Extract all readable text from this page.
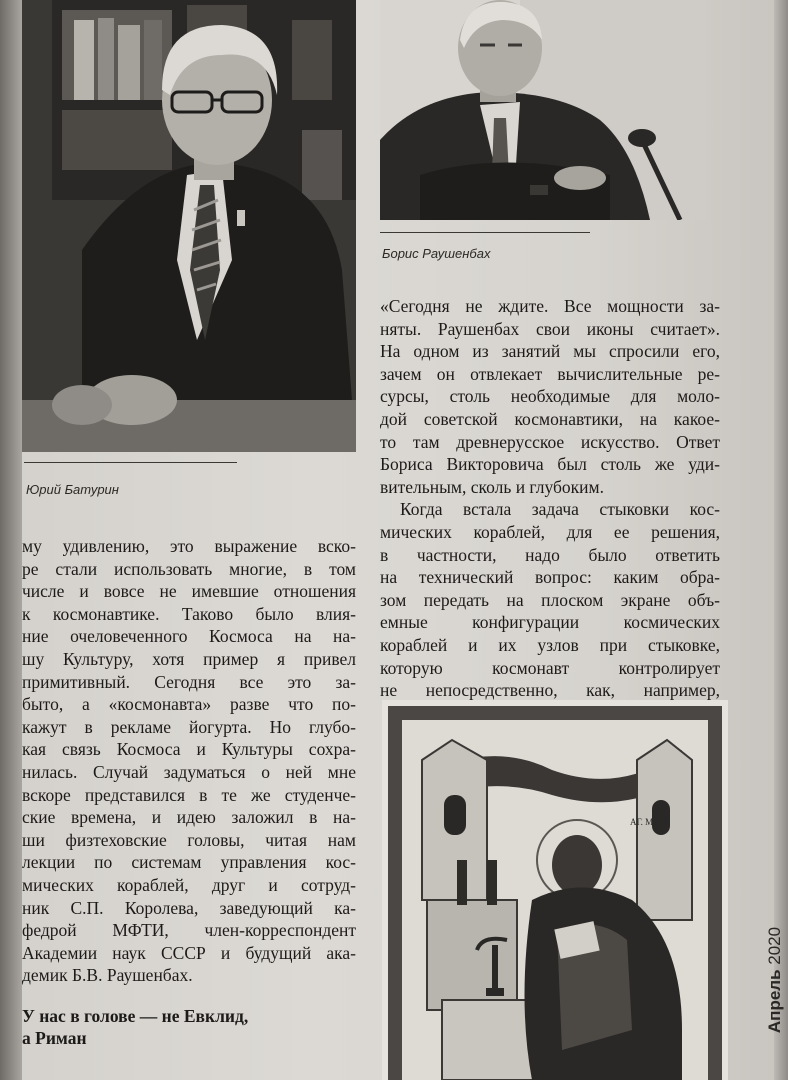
Юрий Батурин
Борис Раушенбах
му удивлению, это выражение вско-
ре стали использовать многие, в том
числе и вовсе не имевшие отношения
к космонавтике. Таково было влия-
ние очеловеченного Космоса на на-
шу Культуру, хотя пример я привел
примитивный. Сегодня все это за-
быто, а «космонавта» разве что по-
кажут в рекламе йогурта. Но глубо-
кая связь Космоса и Культуры сохра-
нилась. Случай задуматься о ней мне
вскоре представился в те же студенче-
ские времена, и идею заложил в на-
ши физтеховские головы, читая нам
лекции по системам управления кос-
мических кораблей, друг и сотруд-
ник С.П. Королева, заведующий ка-
федрой МФТИ, член-корреспондент
Академии наук СССР и будущий ака-
демик Б.В. Раушенбах.
У нас в голове — не Евклид,
а Риман
«Сегодня не ждите. Все мощности за-
няты. Раушенбах свои иконы считает».
На одном из занятий мы спросили его,
зачем он отвлекает вычислительные ре-
сурсы, столь необходимые для моло-
дой советской космонавтики, на какое-
то там древнерусское искусство. Ответ
Бориса Викторовича был столь же уди-
вительным, сколь и глубоким.
Когда встала задача стыковки кос-
мических кораблей, для ее решения,
в частности, надо было ответить
на технический вопрос: каким обра-
зом передать на плоском экране объ-
емные конфигурации космических
кораблей и их узлов при стыковке,
которую космонавт контролирует
не непосредственно, как, например,
ΑΓ. ΜΑΘ
Апрель 2020
